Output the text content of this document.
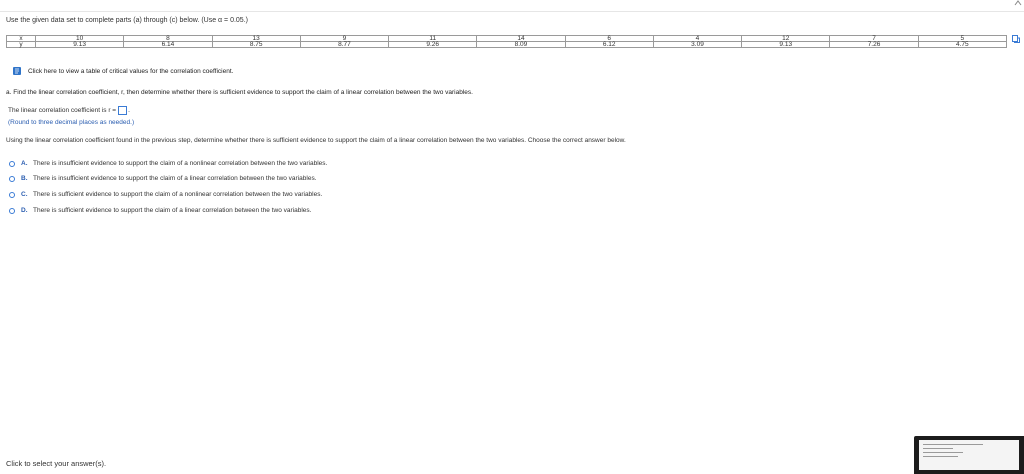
Use the given data set to complete parts (a) through (c) below. (Use α = 0.05.)
x	10	8	13	9	11	14	6	4	12	7	5
y	9.13	6.14	8.75	8.77	9.26	8.09	6.12	3.09	9.13	7.26	4.75
Click here to view a table of critical values for the correlation coefficient.
a. Find the linear correlation coefficient, r, then determine whether there is sufficient evidence to support the claim of a linear correlation between the two variables.
The linear correlation coefficient is r = .
(Round to three decimal places as needed.)
Using the linear correlation coefficient found in the previous step, determine whether there is sufficient evidence to support the claim of a linear correlation between the two variables. Choose the correct answer below.
A. There is insufficient evidence to support the claim of a nonlinear correlation between the two variables.
B. There is insufficient evidence to support the claim of a linear correlation between the two variables.
C. There is sufficient evidence to support the claim of a nonlinear correlation between the two variables.
D. There is sufficient evidence to support the claim of a linear correlation between the two variables.
Click to select your answer(s).
